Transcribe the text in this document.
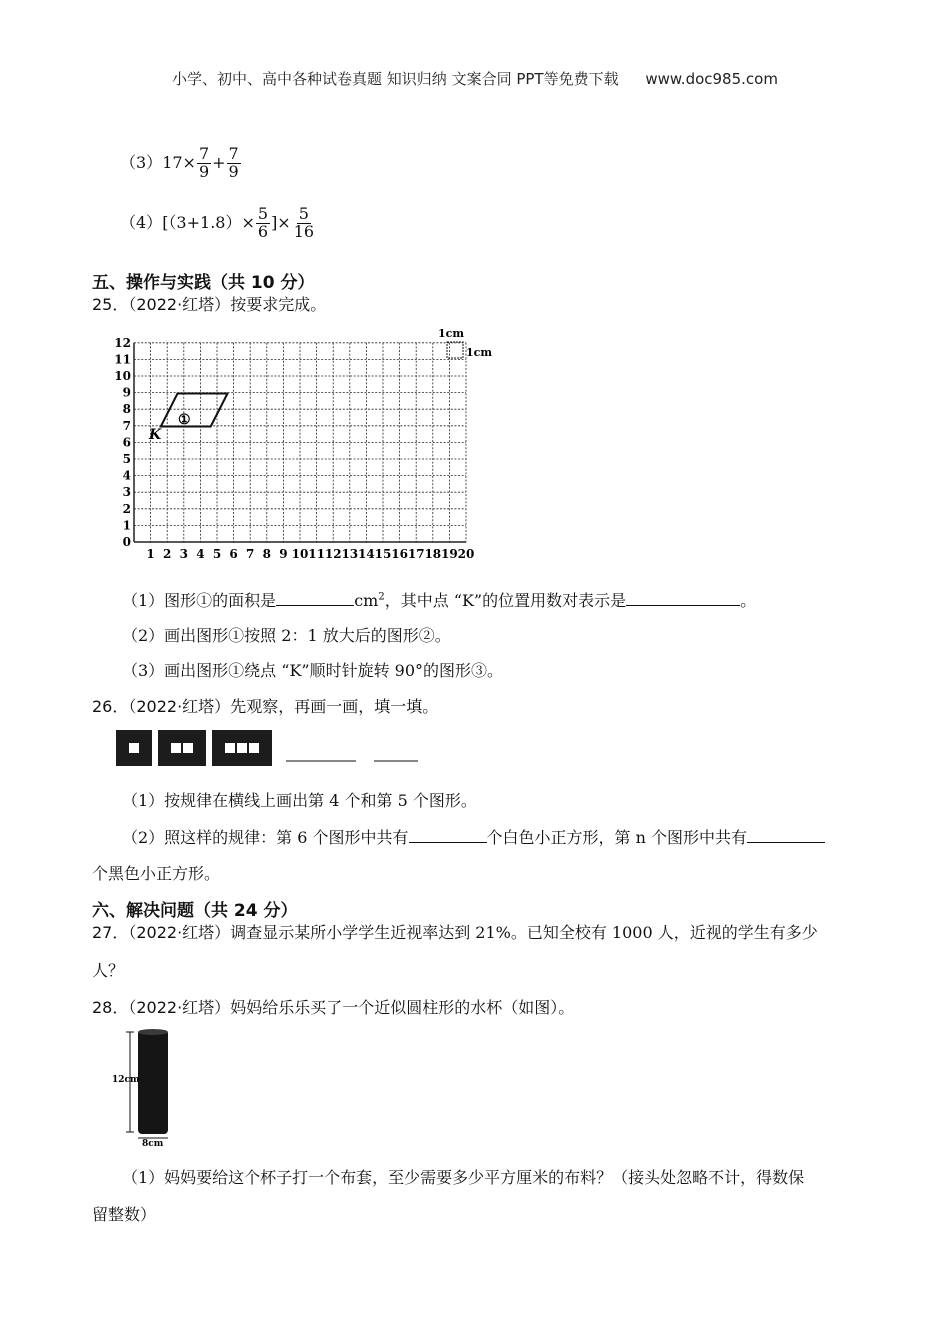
小学、初中、高中各种试卷真题 知识归纳 文案合同 PPT等免费下载 www.doc985.com
$(3)17\times \frac{7}{9} + \frac{7}{9}$
$(4)[(3+1.8)\times \frac{5}{6}$ ]× $\frac{5}{16}$
五、操作与实践（共 10 分）
25．（2022·红塔）按要求完成。
1 2 3 4 5 6 7 8 9 10 11 12 13 14 15 16 17 18 19 20
0
1
2
3
4
5
6
7
8
9
10
11
12
①
K
1cm
1cm
（1）图形①的面积是	$cm^2$，其中点 “K”的位置用数对表示是	。
（2）画出图形①按照 2：1 放大后的图形②。
（3）画出图形①绕点 “K”顺时针旋转 90°的图形③。
26．（2022·红塔）先观察，再画一画，填一填。
（1）按规律在横线上画出第 4 个和第 5 个图形。
（2）照这样的规律：第 6 个图形中共有	个白色小正方形，第 n 个图形中共有
个黑色小正方形。
六、解决问题（共 24 分）
27．（2022·红塔）调查显示某所小学学生近视率达到 21%。已知全校有 1000 人，近视的学生有多少
人？
28．（2022·红塔）妈妈给乐乐买了一个近似圆柱形的水杯（如图）。
12cm
8cm
（1）妈妈要给这个杯子打一个布套，至少需要多少平方厘米的布料？（接头处忽略不计，得数保
留整数）
